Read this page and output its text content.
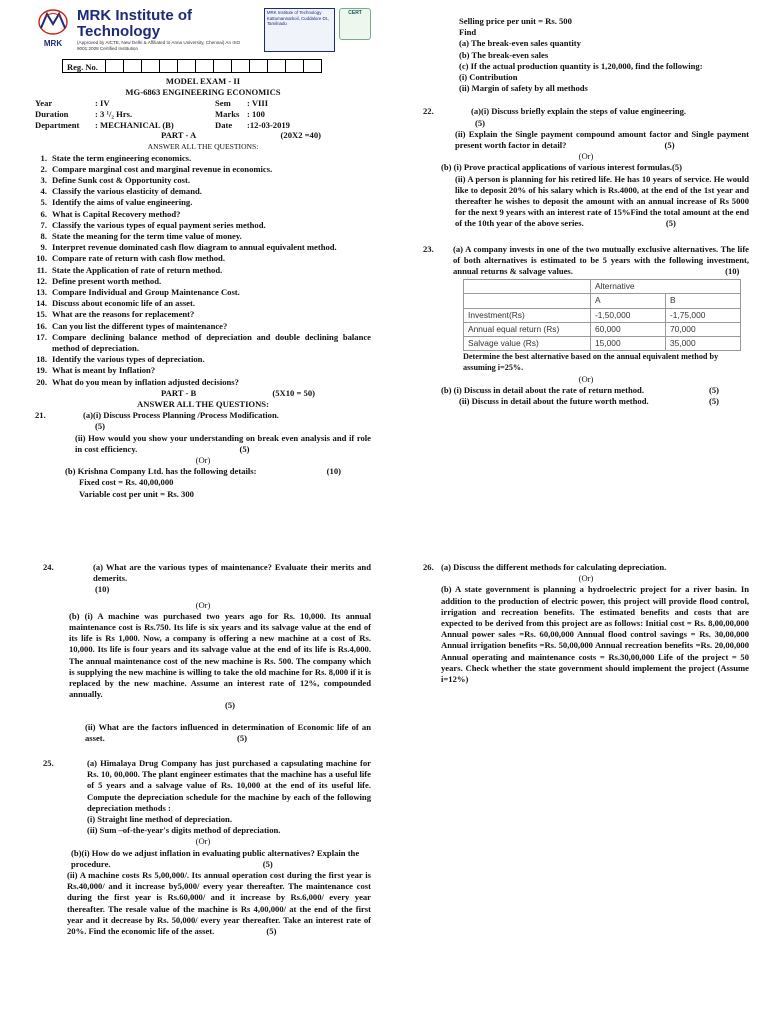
MRK
MRK Institute of Technology
(Approved by AICTE, New Delhi & Affiliated to Anna University, Chennai) An ISO 9001:2008 Certified Institution
MRK Institute of Technology Kattumannarkoil, Cuddalore Dt., Tamilnadu
CERT
Reg. No.

MODEL EXAM - II

MG-6863 ENGINEERING ECONOMICS

Year	: IV	Sem	: VIII
Duration	: 3 ¹/₂ Hrs.	Marks : 100
Department	: MECHANICAL (B)	Date	:12-03-2019
PART - A	(20X2 =40)

ANSWER ALL THE QUESTIONS:

1. State the term engineering economics.
2. Compare marginal cost and marginal revenue in economics.
3. Define Sunk cost & Opportunity cost.
4. Classify the various elasticity of demand.
5. Identify the aims of value engineering.
6. What is Capital Recovery method?
7. Classify the various types of equal payment series method.
8. State the meaning for the term time value of money.
9. Interpret revenue dominated cash flow diagram to annual equivalent method.
10. Compare rate of return with cash flow method.
11. State the Application of rate of return method.
12. Define present worth method.
13. Compare Individual and Group Maintenance Cost.
14. Discuss about economic life of an asset.
15. What are the reasons for replacement?
16. Can you list the different types of maintenance?
17. Compare declining balance method of depreciation and double declining balance method of depreciation.
18. Identify the various types of depreciation.
19. What is meant by Inflation?
20. What do you mean by inflation adjusted decisions?
PART - B	(5X10 = 50)

ANSWER ALL THE QUESTIONS:

21.	(a)(i) Discuss Process Planning /Process Modification.

(5)

(ii) How would you show your understanding on break even analysis and if role in cost efficiency.	(5)

(Or)

(b) Krishna Company Ltd. has the following details:	(10)

Fixed cost = Rs. 40,00,000

Variable cost per unit = Rs. 300

Selling price per unit = Rs. 500

Find

(a) The break-even sales quantity

(b) The break-even sales

(c) If the actual production quantity is 1,20,000, find the following:

(i) Contribution

(ii) Margin of safety by all methods

22.	(a)(i) Discuss briefly explain the steps of value engineering.

(5)

(ii) Explain the Single payment compound amount factor and Single payment present worth factor in detail?	(5)

(Or)

(b) (i) Prove practical applications of various interest formulas.(5)

(ii) A person is planning for his retired life. He has 10 years of service. He would like to deposit 20% of his salary which is Rs.4000, at the end of the 1st year and thereafter he wishes to deposit the amount with an annual increase of Rs 5000 for the next 9 years with an interest rate of 15%Find the total amount at the end of the 10th year of the above series.	(5)
23.	(a) A company invests in one of the two mutually exclusive alternatives. The life of both alternatives is estimated to be 5 years with the following investment, annual returns & salvage values.	(10)
	Alternative	
	A	B
Investment(Rs)	-1,50,000	-1,75,000
Annual equal return (Rs)	60,000	70,000
Salvage value (Rs)	15,000	35,000

Determine the best alternative based on the annual equivalent method by assuming i=25%.

(Or)

(b) (i) Discuss in detail about the rate of return method.	(5)
(ii) Discuss in detail about the future worth method.	(5)
24.	(a) What are the various types of maintenance? Evaluate their merits and demerits.

(10)

(Or)

(b) (i) A machine was purchased two years ago for Rs. 10,000. Its annual maintenance cost is Rs.750. Its life is six years and its salvage value at the end of its life is Rs 1,000. Now, a company is offering a new machine at a cost of Rs. 10,000. Its life is four years and its salvage value at the end of its life is Rs.4,000. The annual maintenance cost of the new machine is Rs. 500. The company which is supplying the new machine is willing to take the old machine for Rs. 8,000 if it is replaced by the new machine. Assume an interest rate of 12%, compounded annually.

(5)

(ii) What are the factors influenced in determination of Economic life of an asset.	(5)
25.	(a) Himalaya Drug Company has just purchased a capsulating machine for Rs. 10, 00,000. The plant engineer estimates that the machine has a useful life of 5 years and a salvage value of Rs. 10,000 at the end of its useful life. Compute the depreciation schedule for the machine by each of the following depreciation methods :

(i) Straight line method of depreciation.

(ii) Sum –of-the-year's digits method of depreciation.

(Or)

(b)(i) How do we adjust inflation in evaluating public alternatives? Explain the procedure.	(5)
(ii) A machine costs Rs 5,00,000/. Its annual operation cost during the first year is Rs.40,000/ and it increase by5,000/ every year thereafter. The maintenance cost during the first year is Rs.60,000/ and it increase by Rs.6,000/ every year thereafter. The resale value of the machine is Rs 4,00,000/ at the end of the first year and it decrease by Rs. 50,000/ every year thereafter. Take an interest rate of 20%. Find the economic life of the asset.	(5)
26. (a) Discuss the different methods for calculating depreciation.

(Or)

(b) A state government is planning a hydroelectric project for a river basin. In addition to the production of electric power, this project will provide flood control, irrigation and recreation benefits. The estimated benefits and costs that are expected to be derived from this project are as follows: Initial cost = Rs. 8,00,00,000 Annual power sales =Rs. 60,00,000 Annual flood control savings = Rs. 30,00,000 Annual irrigation benefits =Rs. 50,00,000 Annual recreation benefits =Rs. 20,00,000 Annual operating and maintenance costs = Rs.30,00,000 Life of the project = 50 years. Check whether the state government should implement the project (Assume i=12%)
